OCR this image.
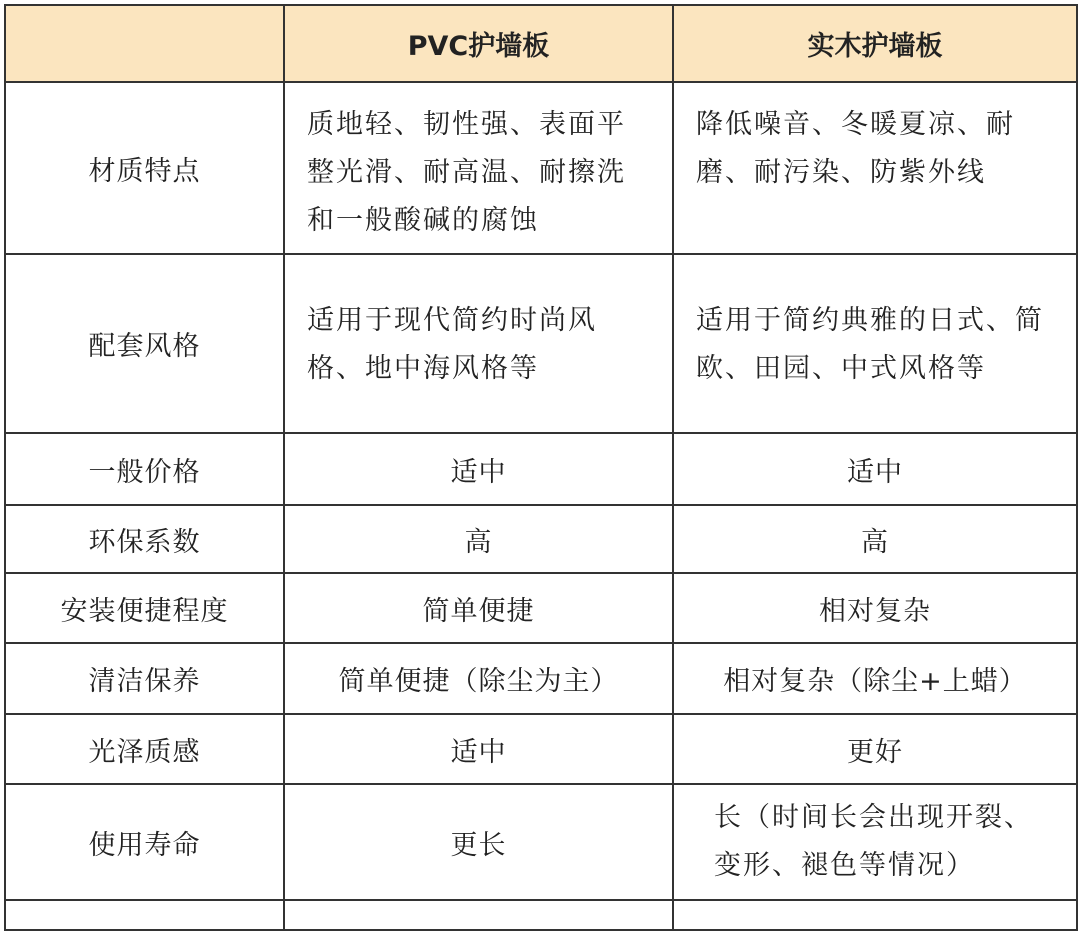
	PVC护墙板	实木护墙板
材质特点	质地轻、韧性强、表面平整光滑、耐高温、耐擦洗和一般酸碱的腐蚀	降低噪音、冬暖夏凉、耐磨、耐污染、防紫外线
配套风格	适用于现代简约时尚风格、地中海风格等	适用于简约典雅的日式、简欧、田园、中式风格等
一般价格	适中	适中
环保系数	高	高
安装便捷程度	简单便捷	相对复杂
清洁保养	简单便捷（除尘为主）	相对复杂（除尘+上蜡）
光泽质感	适中	更好
使用寿命	更长	长（时间长会出现开裂、变形、褪色等情况）
